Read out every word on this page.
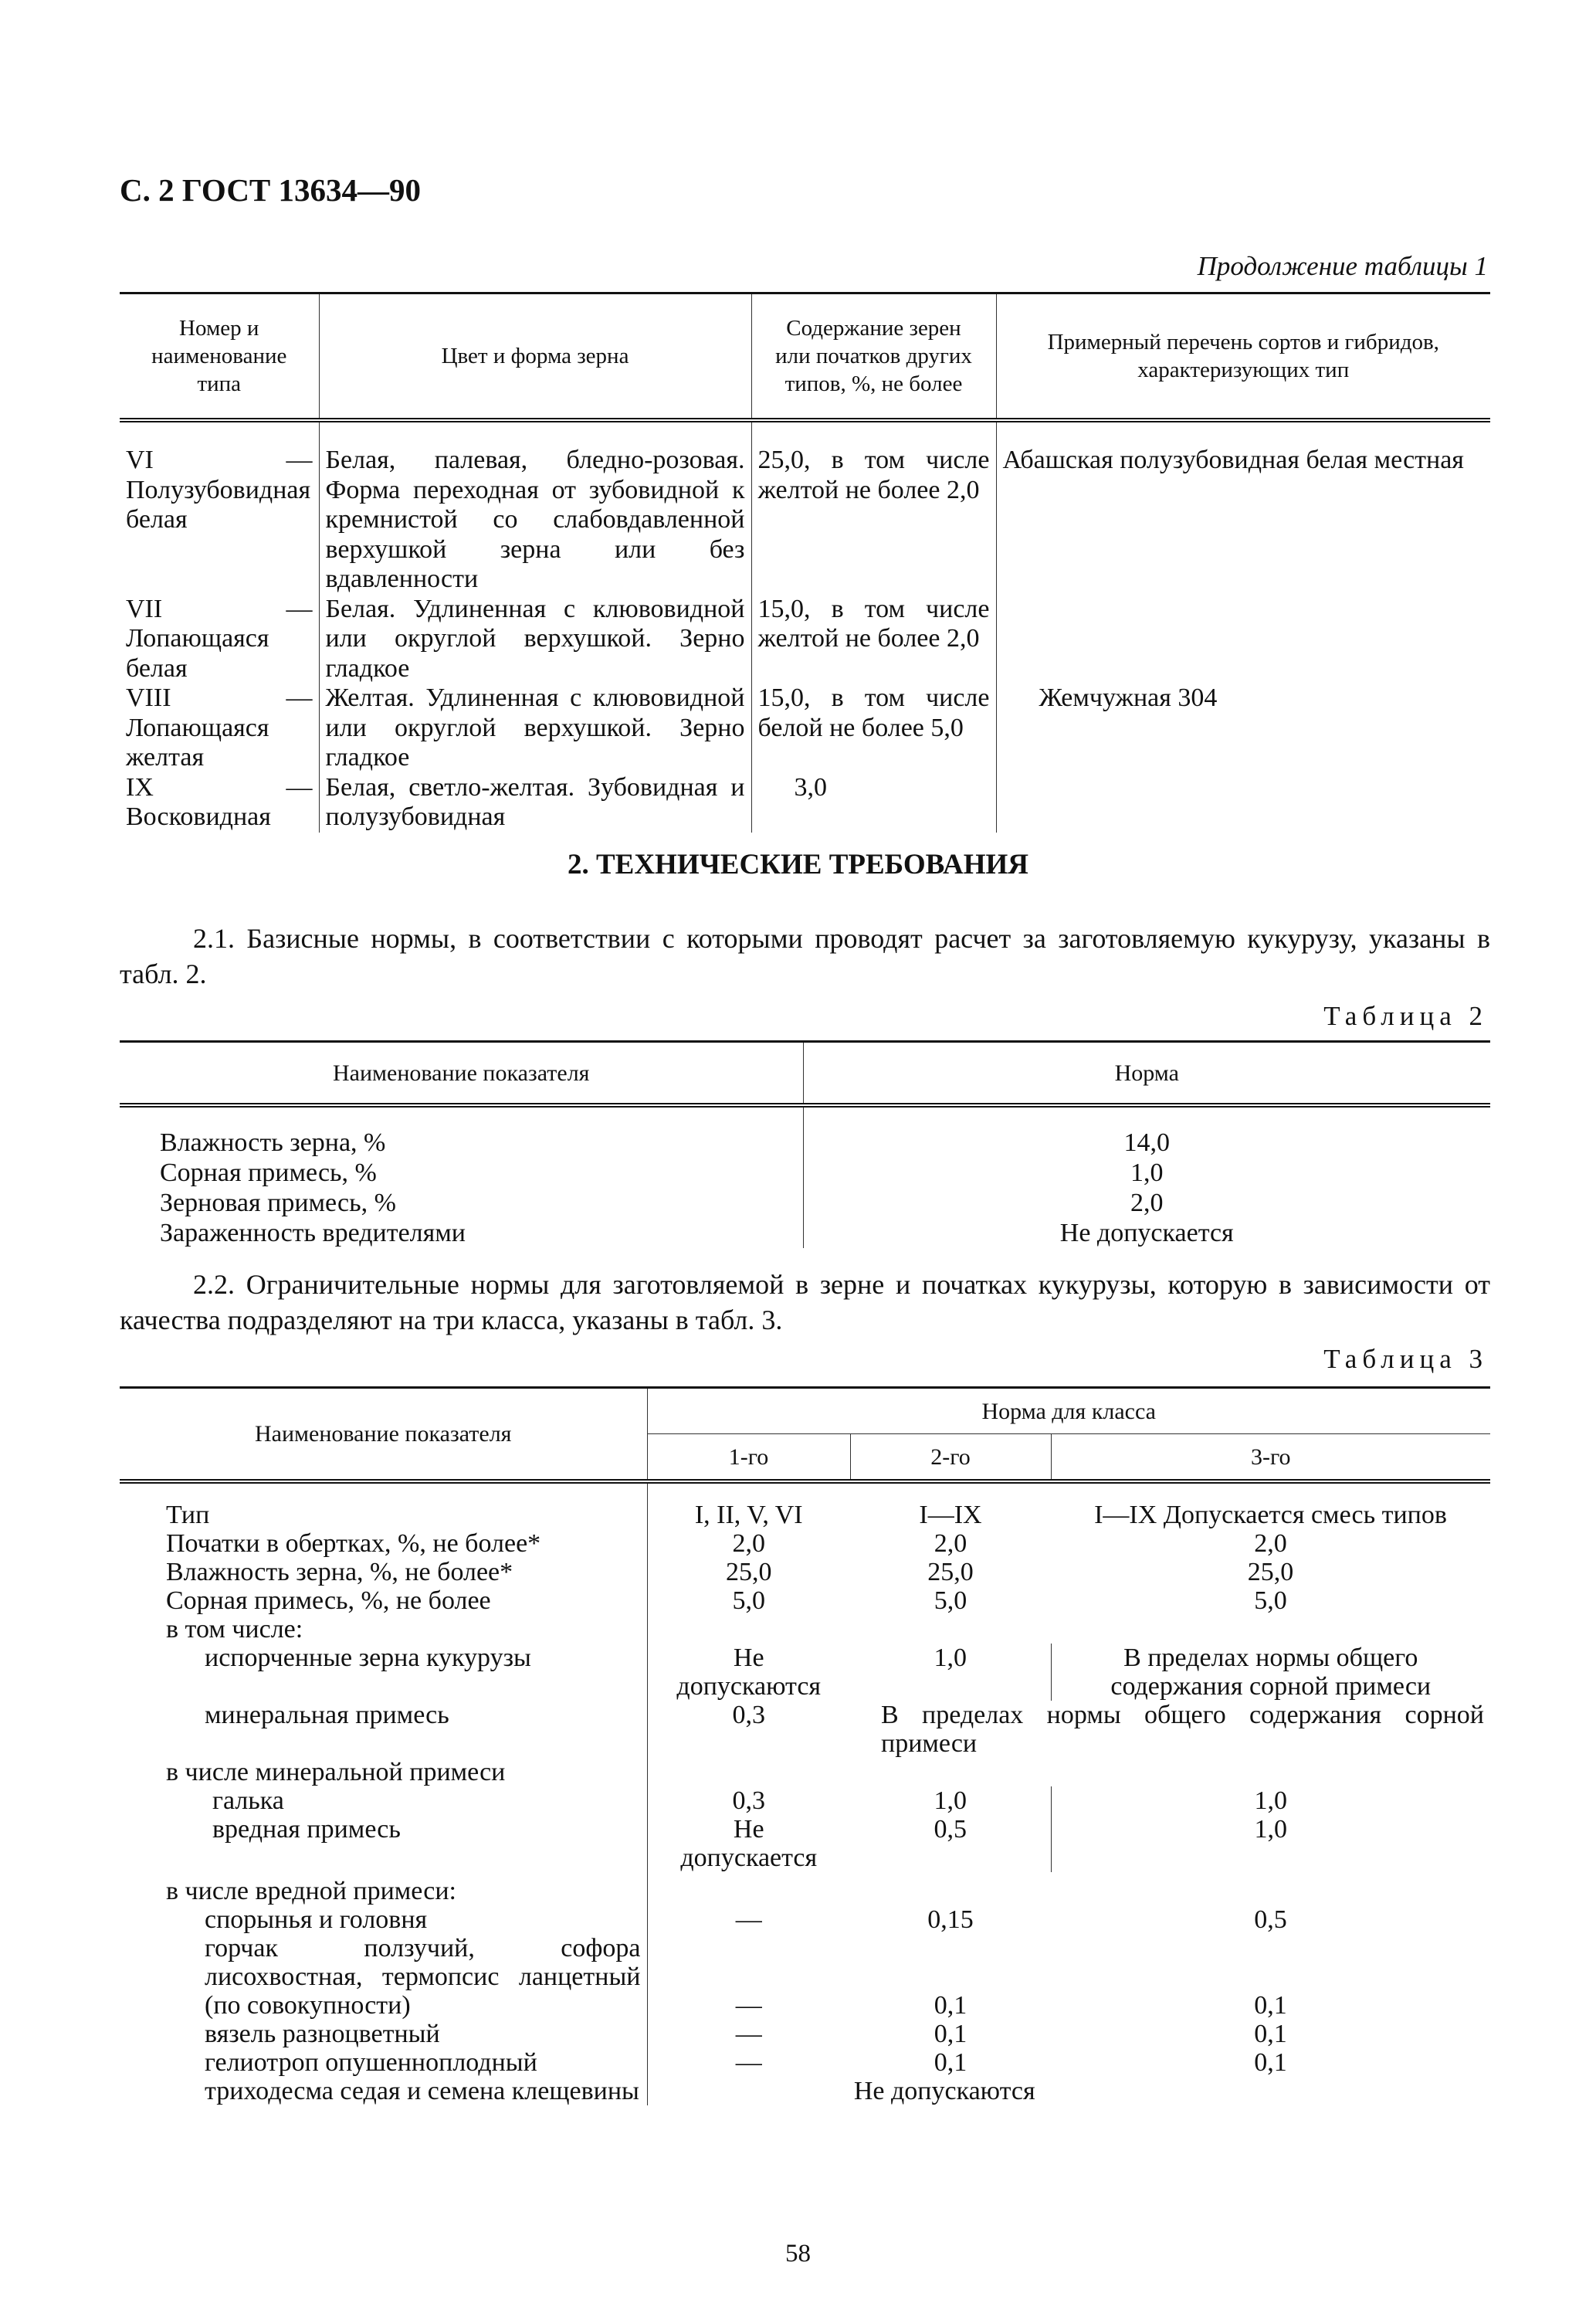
С. 2 ГОСТ 13634—90
Продолжение таблицы 1
Номер и наименование типа	Цвет и форма зерна	Содержание зерен или початков других типов, %, не более	Примерный перечень сортов и гибридов, характеризующих тип
VI — Полузубовидная белая	Белая, палевая, бледно-розовая. Форма переходная от зубовидной к кремнистой со слабовдавленной верхушкой зерна или без вдавленности	25,0, в том числе желтой не более 2,0	Абашская полузубовидная белая местная
VII — Лопающаяся белая	Белая. Удлиненная с клювовидной или округлой верхушкой. Зерно гладкое	15,0, в том числе желтой не более 2,0	
VIII — Лопающаяся желтая	Желтая. Удлиненная с клювовидной или округлой верхушкой. Зерно гладкое	15,0, в том числе белой не более 5,0	Жемчужная 304
IX — Восковидная	Белая, светло-желтая. Зубовидная и полузубовидная	3,0	
2. ТЕХНИЧЕСКИЕ ТРЕБОВАНИЯ
2.1. Базисные нормы, в соответствии с которыми проводят расчет за заготовляемую кукурузу, указаны в табл. 2.
Таблица 2
Наименование показателя	Норма
Влажность зерна, %	14,0
Сорная примесь, %	1,0
Зерновая примесь, %	2,0
Зараженность вредителями	Не допускается
2.2. Ограничительные нормы для заготовляемой в зерне и початках кукурузы, которую в зависимости от качества подразделяют на три класса, указаны в табл. 3.
Таблица 3
Наименование показателя	Норма для класса		
	1-го	2-го	3-го
Тип	I, II, V, VI	I—IX	I—IX Допускается смесь типов
Початки в обертках, %, не более*	2,0	2,0	2,0
Влажность зерна, %, не более*	25,0	25,0	25,0
Сорная примесь, %, не более	5,0	5,0	5,0
в том числе:			
испорченные зерна кукурузы	Не допускаются	1,0	В пределах нормы общего содержания сорной примеси
минеральная примесь	0,3	В пределах нормы общего содержания сорной примеси	
в числе минеральной примеси			
галька	0,3	1,0	1,0
вредная примесь	Не допускается	0,5	1,0
в числе вредной примеси:			
спорынья и головня	—	0,15	0,5
горчак ползучий, софора лисохвостная, термопсис ланцетный (по совокупности)	—	0,1	0,1
вязель разноцветный	—	0,1	0,1
гелиотроп опушенноплодный	—	0,1	0,1
триходесма седая и семена клещевины	Не допускаются		
58
